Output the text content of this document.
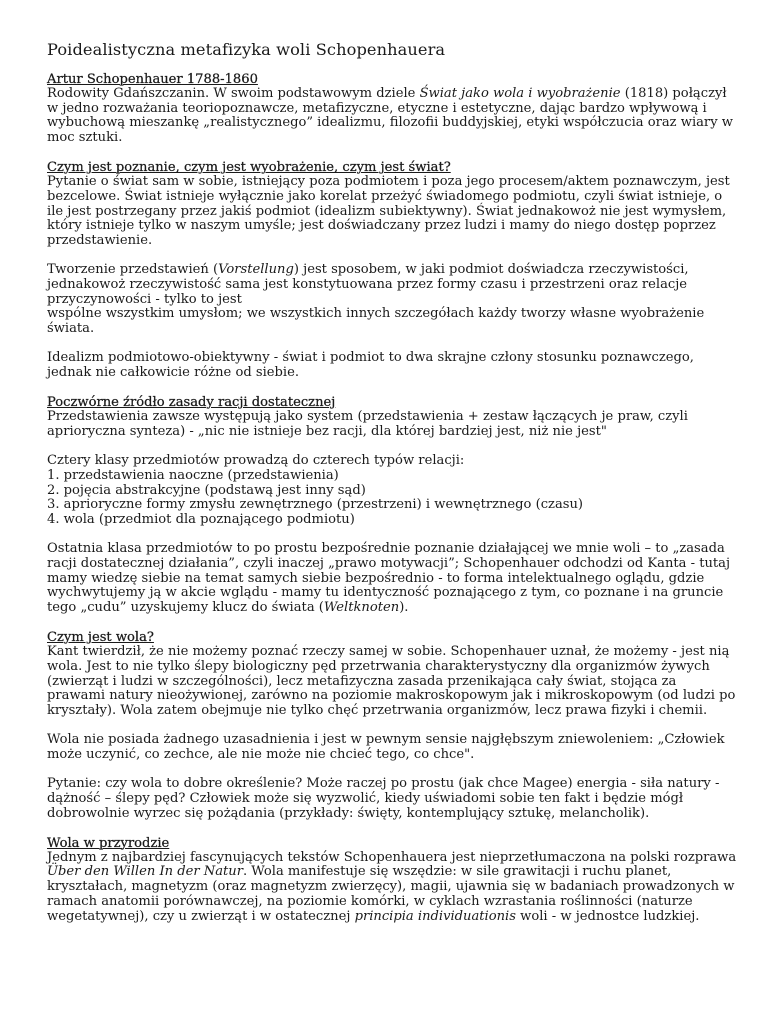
Poidealistyczna metafizyka woli Schopenhauera
Artur Schopenhauer 1788-1860

Rodowity Gdańszczanin. W swoim podstawowym dziele Świat jako wola i wyobrażenie (1818) połączył w jedno rozważania teoriopoznawcze, metafizyczne, etyczne i estetyczne, dając bardzo wpływową i wybuchową mieszankę „realistycznego” idealizmu, filozofii buddyjskiej, etyki współczucia oraz wiary w moc sztuki.

Czym jest poznanie, czym jest wyobrażenie, czym jest świat?

Pytanie o świat sam w sobie, istniejący poza podmiotem i poza jego procesem/aktem poznawczym, jest bezcelowe. Świat istnieje wyłącznie jako korelat przeżyć świadomego podmiotu, czyli świat istnieje, o ile jest postrzegany przez jakiś podmiot (idealizm subiektywny). Świat jednakowoż nie jest wymysłem, który istnieje tylko w naszym umyśle; jest doświadczany przez ludzi i mamy do niego dostęp poprzez przedstawienie.

Tworzenie przedstawień (Vorstellung) jest sposobem, w jaki podmiot doświadcza rzeczywistości, jednakowoż rzeczywistość sama jest konstytuowana przez formy czasu i przestrzeni oraz relacje przyczynowości - tylko to jest
wspólne wszystkim umysłom; we wszystkich innych szczegółach każdy tworzy własne wyobrażenie świata.

Idealizm podmiotowo-obiektywny - świat i podmiot to dwa skrajne człony stosunku poznawczego, jednak nie całkowicie różne od siebie.

Poczwórne źródło zasady racji dostatecznej

Przedstawienia zawsze występują jako system (przedstawienia + zestaw łączących je praw, czyli aprioryczna synteza) - „nic nie istnieje bez racji, dla której bardziej jest, niż nie jest"

Cztery klasy przedmiotów prowadzą do czterech typów relacji:
1. przedstawienia naoczne (przedstawienia)
2. pojęcia abstrakcyjne (podstawą jest inny sąd)
3. aprioryczne formy zmysłu zewnętrznego (przestrzeni) i wewnętrznego (czasu)
4. wola (przedmiot dla poznającego podmiotu)

Ostatnia klasa przedmiotów to po prostu bezpośrednie poznanie działającej we mnie woli – to „zasada racji dostatecznej działania”, czyli inaczej „prawo motywacji”; Schopenhauer odchodzi od Kanta - tutaj mamy wiedzę siebie na temat samych siebie bezpośrednio - to forma intelektualnego oglądu, gdzie wychwytujemy ją w akcie wglądu - mamy tu identyczność poznającego z tym, co poznane i na gruncie tego „cudu” uzyskujemy klucz do świata (Weltknoten).

Czym jest wola?

Kant twierdził, że nie możemy poznać rzeczy samej w sobie. Schopenhauer uznał, że możemy - jest nią wola. Jest to nie tylko ślepy biologiczny pęd przetrwania charakterystyczny dla organizmów żywych (zwierząt i ludzi w szczególności), lecz metafizyczna zasada przenikająca cały świat, stojąca za prawami natury nieożywionej, zarówno na poziomie makroskopowym jak i mikroskopowym (od ludzi po kryształy). Wola zatem obejmuje nie tylko chęć przetrwania organizmów, lecz prawa fizyki i chemii.

Wola nie posiada żadnego uzasadnienia i jest w pewnym sensie najgłębszym zniewoleniem: „Człowiek może uczynić, co zechce, ale nie może nie chcieć tego, co chce".

Pytanie: czy wola to dobre określenie? Może raczej po prostu (jak chce Magee) energia - siła natury - dążność – ślepy pęd? Człowiek może się wyzwolić, kiedy uświadomi sobie ten fakt i będzie mógł dobrowolnie wyrzec się pożądania (przykłady: święty, kontemplujący sztukę, melancholik).

Wola w przyrodzie

Jednym z najbardziej fascynujących tekstów Schopenhauera jest nieprzetłumaczona na polski rozprawa Über den Willen In der Natur. Wola manifestuje się wszędzie: w sile grawitacji i ruchu planet, kryształach, magnetyzm (oraz magnetyzm zwierzęcy), magii, ujawnia się w badaniach prowadzonych w ramach anatomii porównawczej, na poziomie komórki, w cyklach wzrastania roślinności (naturze wegetatywnej), czy u zwierząt i w ostatecznej principia individuationis woli - w jednostce ludzkiej.
